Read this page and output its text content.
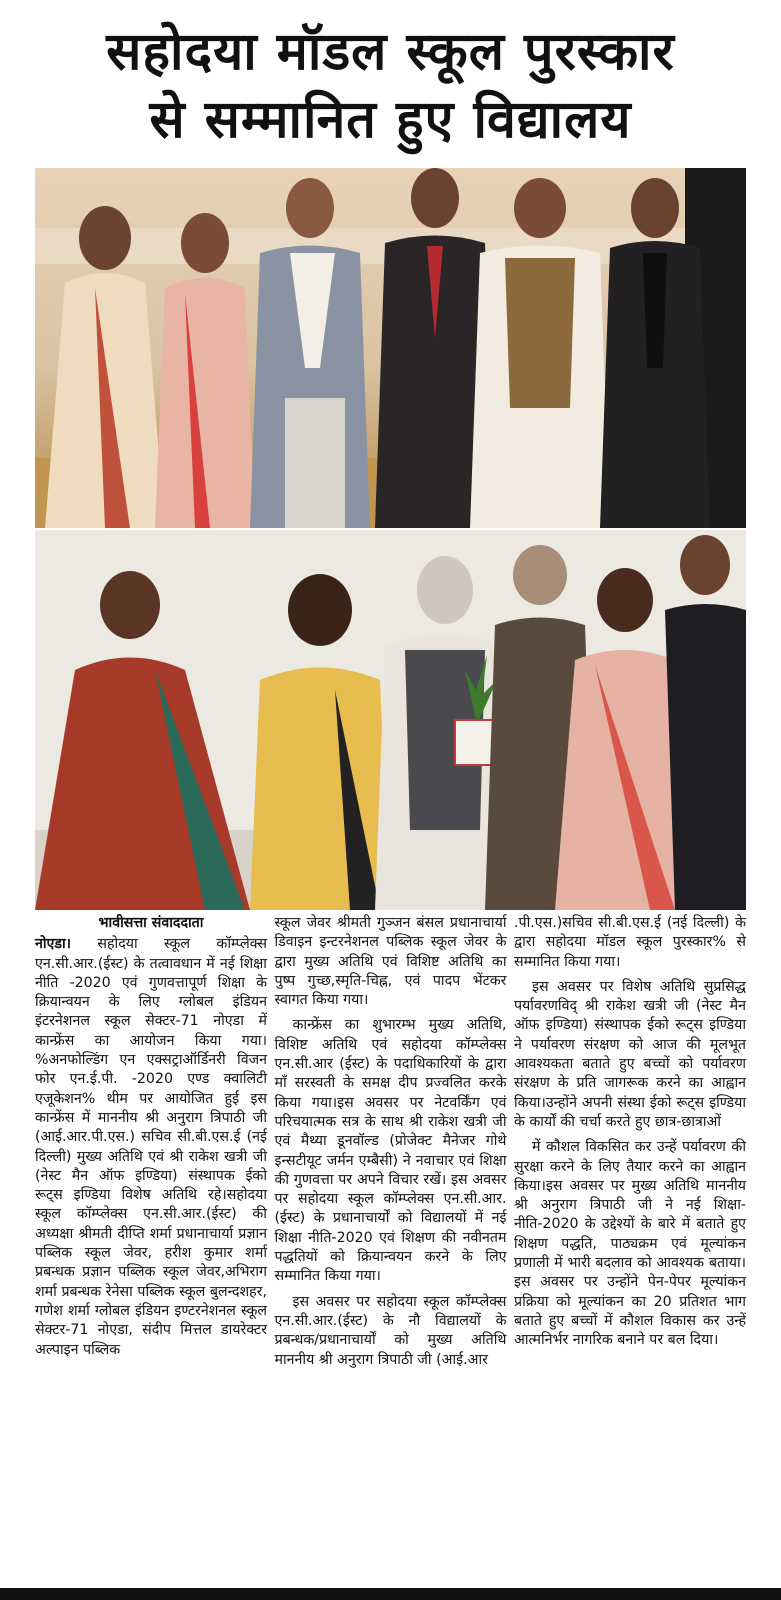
सहोदया मॉडल स्कूल पुरस्कार
से सम्मानित हुए विद्यालय
भावीसत्ता संवाददाता

नोएडा। सहोदया स्कूल कॉम्प्लेक्स एन.सी.आर.(ईस्ट) के तत्वावधान में नई शिक्षा नीति -2020 एवं गुणवत्तापूर्ण शिक्षा के क्रियान्वयन के लिए ग्लोबल इंडियन इंटरनेशनल स्कूल सेक्टर-71 नोएडा में कान्फ्रेंस का आयोजन किया गया। %अनफोल्डिंग एन एक्सट्राऑर्डिनरी विजन फोर एन.ई.पी. -2020 एण्ड क्वालिटी एजूकेशन% थीम पर आयोजित हुई इस कान्फ्रेंस में माननीय श्री अनुराग त्रिपाठी जी (आई.आर.पी.एस.) सचिव सी.बी.एस.ई (नई दिल्ली) मुख्य अतिथि एवं श्री राकेश खत्री जी (नेस्ट मैन ऑफ इण्डिया) संस्थापक ईको रूट्स इण्डिया विशेष अतिथि रहे।सहोदया स्कूल कॉम्प्लेक्स एन.सी.आर.(ईस्ट) की अध्यक्षा श्रीमती दीप्ति शर्मा प्रधानाचार्या प्रज्ञान पब्लिक स्कूल जेवर, हरीश कुमार शर्मा प्रबन्धक प्रज्ञान पब्लिक स्कूल जेवर,अभिराग शर्मा प्रबन्धक रेनेसा पब्लिक स्कूल बुलन्दशहर, गणेश शर्मा ग्लोबल इंडियन इण्टरनेशनल स्कूल सेक्टर-71 नोएडा, संदीप मित्तल डायरेक्टर अल्पाइन पब्लिक

स्कूल जेवर श्रीमती गुञ्जन बंसल प्रधानाचार्या डिवाइन इन्टरनेशनल पब्लिक स्कूल जेवर के द्वारा मुख्य अतिथि एवं विशिष्ट अतिथि का पुष्प गुच्छ,स्मृति-चिह्न, एवं पादप भेंटकर स्वागत किया गया।

कान्फ्रेंस का शुभारम्भ मुख्य अतिथि, विशिष्ट अतिथि एवं सहोदया कॉम्प्लेक्स एन.सी.आर (ईस्ट) के पदाधिकारियों के द्वारा माँ सरस्वती के समक्ष दीप प्रज्वलित करके किया गया।इस अवसर पर नेटवर्किंग एवं परिचयात्मक सत्र के साथ श्री राकेश खत्री जी एवं मैथ्या डूनवॉल्ड (प्रोजेक्ट मैनेजर गोथे इन्सटीयूट जर्मन एम्बैसी) ने नवाचार एवं शिक्षा की गुणवत्ता पर अपने विचार रखें। इस अवसर पर सहोदया स्कूल कॉम्प्लेक्स एन.सी.आर.(ईस्ट) के प्रधानाचार्यों को विद्यालयों में नई शिक्षा नीति-2020 एवं शिक्षण की नवीनतम पद्धतियों को क्रियान्वयन करने के लिए सम्मानित किया गया।

इस अवसर पर सहोदया स्कूल कॉम्प्लेक्स एन.सी.आर.(ईस्ट) के नौ विद्यालयों के प्रबन्धक/प्रधानाचार्यों को मुख्य अतिथि माननीय श्री अनुराग त्रिपाठी जी (आई.आर

.पी.एस.)सचिव सी.बी.एस.ई (नई दिल्ली) के द्वारा सहोदया मॉडल स्कूल पुरस्कार% से सम्मानित किया गया।

इस अवसर पर विशेष अतिथि सुप्रसिद्ध पर्यावरणविद् श्री राकेश खत्री जी (नेस्ट मैन ऑफ इण्डिया) संस्थापक ईको रूट्स इण्डिया ने पर्यावरण संरक्षण को आज की मूलभूत आवश्यकता बताते हुए बच्चों को पर्यावरण संरक्षण के प्रति जागरूक करने का आह्वान किया।उन्होंने अपनी संस्था ईको रूट्स इण्डिया के कार्यों की चर्चा करते हुए छात्र-छात्राओं

में कौशल विकसित कर उन्हें पर्यावरण की सुरक्षा करने के लिए तैयार करने का आह्वान किया।इस अवसर पर मुख्य अतिथि माननीय श्री अनुराग त्रिपाठी जी ने नई शिक्षा-नीति-2020 के उद्देश्यों के बारे में बताते हुए शिक्षण पद्धति, पाठ्यक्रम एवं मूल्यांकन प्रणाली में भारी बदलाव को आवश्यक बताया। इस अवसर पर उन्होंने पेन-पेपर मूल्यांकन प्रक्रिया को मूल्यांकन का 20 प्रतिशत भाग बताते हुए बच्चों में कौशल विकास कर उन्हें आत्मनिर्भर नागरिक बनाने पर बल दिया।
